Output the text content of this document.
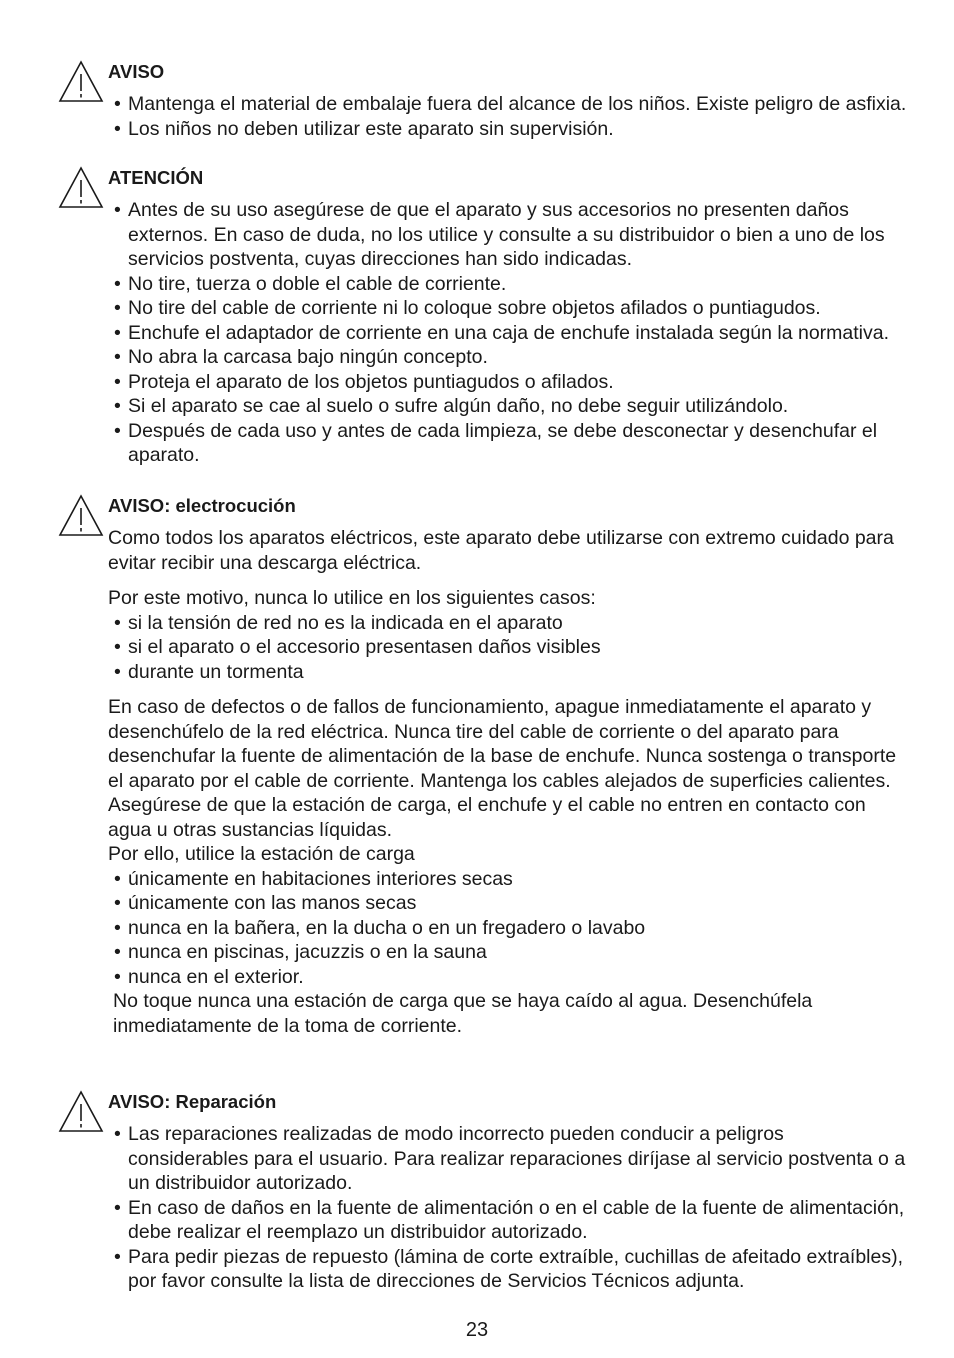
AVISO

• Mantenga el material de embalaje fuera del alcance de los niños. Existe peligro de asfixia.
• Los niños no deben utilizar este aparato sin supervisión.

ATENCIÓN

• Antes de su uso asegúrese de que el aparato y sus accesorios no presenten daños externos. En caso de duda, no los utilice y consulte a su distribuidor o bien a uno de los servicios postventa, cuyas direcciones han sido indicadas.
• No tire, tuerza o doble el cable de corriente.
• No tire del cable de corriente ni lo coloque sobre objetos afilados o puntiagudos.
• Enchufe el adaptador de corriente en una caja de enchufe instalada según la normativa.
• No abra la carcasa bajo ningún concepto.
• Proteja el aparato de los objetos puntiagudos o afilados.
• Si el aparato se cae al suelo o sufre algún daño, no debe seguir utilizándolo.
• Después de cada uso y antes de cada limpieza, se debe desconectar y desenchufar el aparato.

AVISO: electrocución

Como todos los aparatos eléctricos, este aparato debe utilizarse con extremo cuidado para evitar recibir una descarga eléctrica.

Por este motivo, nunca lo utilice en los siguientes casos:

• si la tensión de red no es la indicada en el aparato
• si el aparato o el accesorio presentasen daños visibles
• durante un tormenta

En caso de defectos o de fallos de funcionamiento, apague inmediatamente el aparato y desenchúfelo de la red eléctrica. Nunca tire del cable de corriente o del aparato para desenchufar la fuente de alimentación de la base de enchufe. Nunca sostenga o transporte el aparato por el cable de corriente. Mantenga los cables alejados de superficies calientes.

Asegúrese de que la estación de carga, el enchufe y el cable no entren en contacto con agua u otras sustancias líquidas.

Por ello, utilice la estación de carga

• únicamente en habitaciones interiores secas
• únicamente con las manos secas
• nunca en la bañera, en la ducha o en un fregadero o lavabo
• nunca en piscinas, jacuzzis o en la sauna
• nunca en el exterior.

No toque nunca una estación de carga que se haya caído al agua. Desenchúfela inmediatamente de la toma de corriente.

AVISO: Reparación

• Las reparaciones realizadas de modo incorrecto pueden conducir a peligros considerables para el usuario. Para realizar reparaciones diríjase al servicio postventa o a un distribuidor autorizado.
• En caso de daños en la fuente de alimentación o en el cable de la fuente de alimentación, debe realizar el reemplazo un distribuidor autorizado.
• Para pedir piezas de repuesto (lámina de corte extraíble, cuchillas de afeitado extraíbles), por favor consulte la lista de direcciones de Servicios Técnicos adjunta.
23
